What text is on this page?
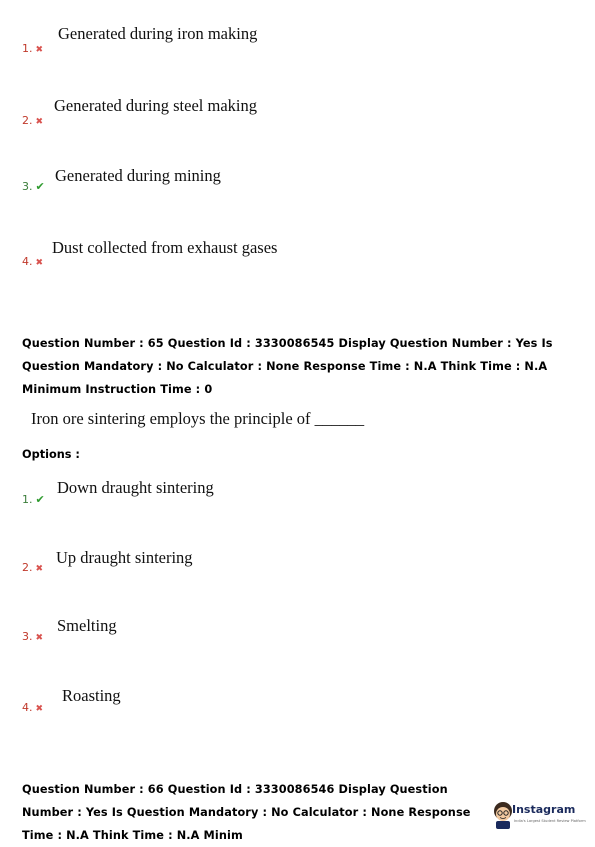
1. ✖
Generated during iron making
2. ✖
Generated during steel making
3. ✔
Generated during mining
4. ✖
Dust collected from exhaust gases
Question Number : 65 Question Id : 3330086545 Display Question Number : Yes Is Question Mandatory : No Calculator : None Response Time : N.A Think Time : N.A Minimum Instruction Time : 0
Iron ore sintering employs the principle of ______
Options :
1. ✔
Down draught sintering
2. ✖
Up draught sintering
3. ✖
Smelting
4. ✖
Roasting
Question Number : 66 Question Id : 3330086546 Display Question Number : Yes Is Question Mandatory : No Calculator : None Response Time : N.A Think Time : N.A Minim
Instagram
India's Largest Student Review Platform
